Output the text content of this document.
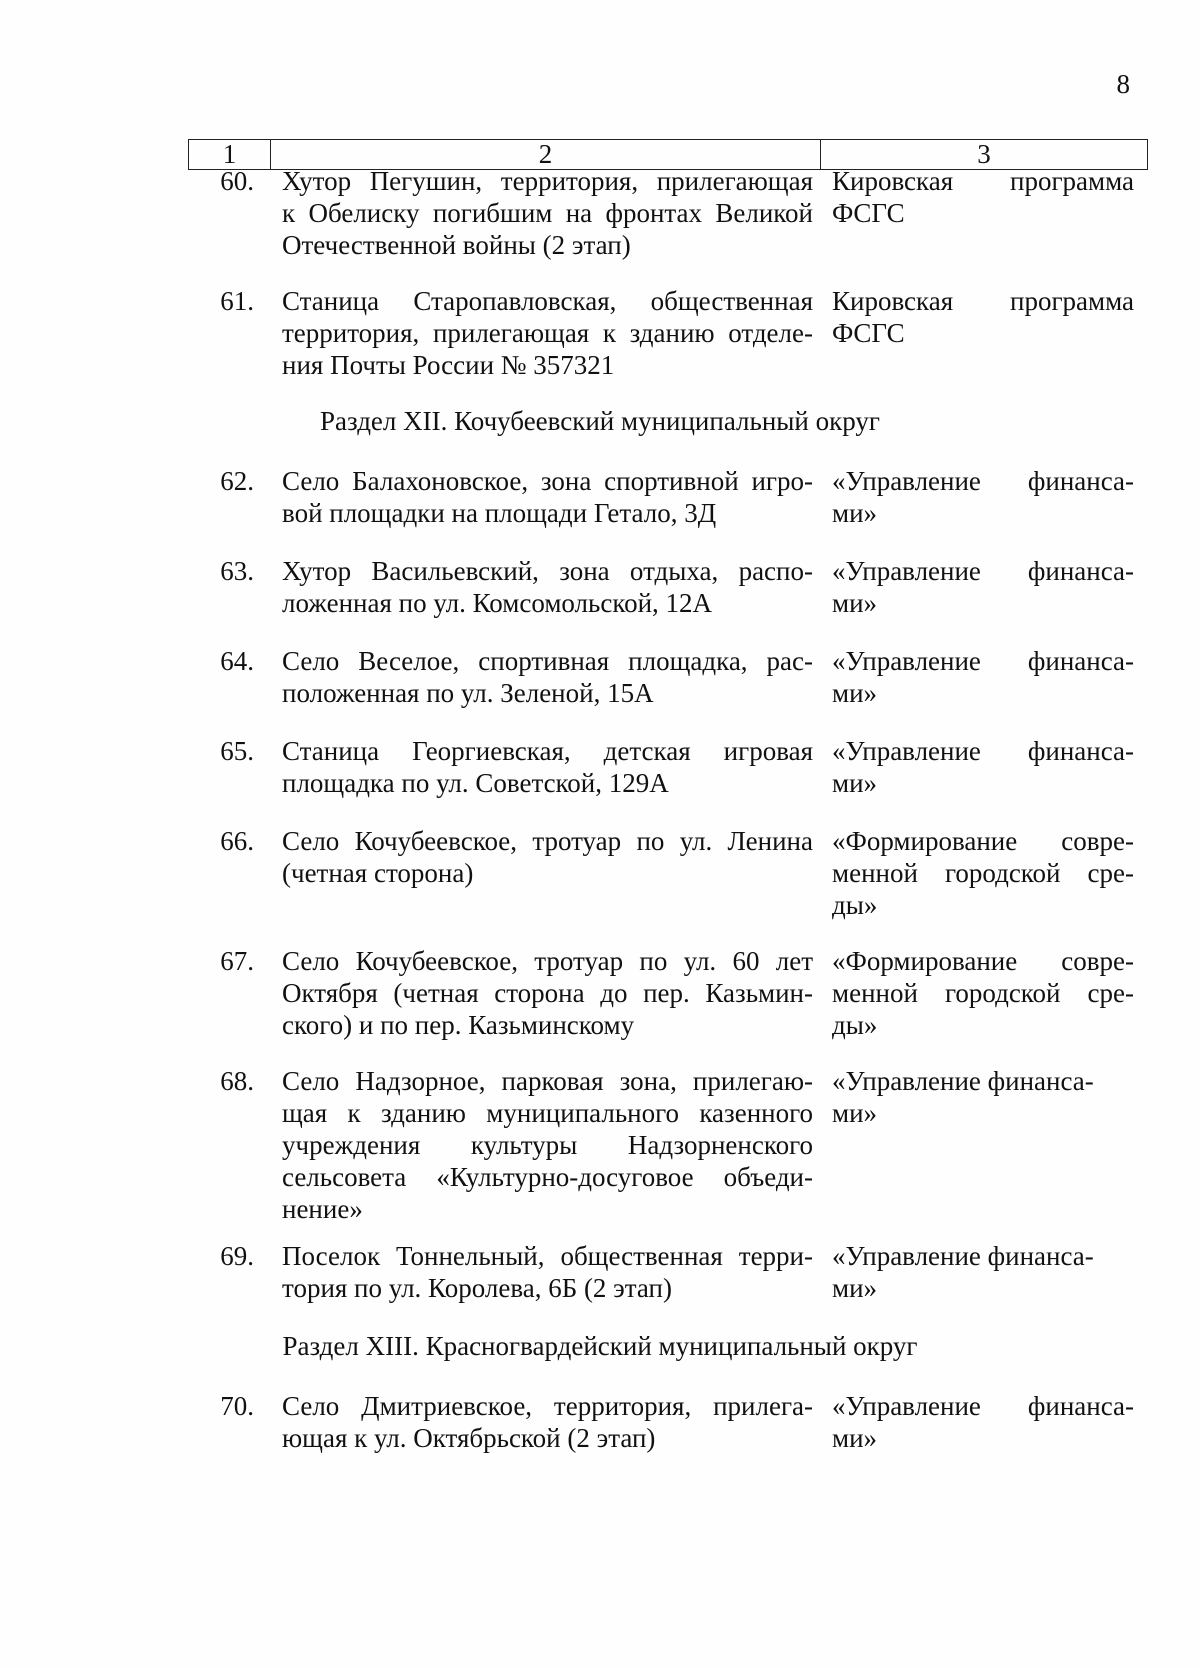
8
1	2	3
60. Хутор Пегушин, территория, прилегающая
к Обелиску погибшим на фронтах Великой
Отечественной войны (2 этап)
Кировская программа
ФСГС
61. Станица Старопавловская, общественная
территория, прилегающая к зданию отделе-
ния Почты России № 357321
Кировская программа
ФСГС
Раздел XII. Кочубеевский муниципальный округ
62. Село Балахоновское, зона спортивной игро-
вой площадки на площади Гетало, 3Д
«Управление финанса-
ми»
63. Хутор Васильевский, зона отдыха, распо-
ложенная по ул. Комсомольской, 12А
«Управление финанса-
ми»
64. Село Веселое, спортивная площадка, рас-
положенная по ул. Зеленой, 15А
«Управление финанса-
ми»
65. Станица Георгиевская, детская игровая
площадка по ул. Советской, 129А
«Управление финанса-
ми»
66. Село Кочубеевское, тротуар по ул. Ленина
(четная сторона)
«Формирование совре-
менной городской сре-
ды»
67. Село Кочубеевское, тротуар по ул. 60 лет
Октября (четная сторона до пер. Казьмин-
ского) и по пер. Казьминскому
«Формирование совре-
менной городской сре-
ды»
68. Село Надзорное, парковая зона, прилегаю-
щая к зданию муниципального казенного
учреждения культуры Надзорненского
сельсовета «Культурно-досуговое объеди-
нение»
«Управление финанса-
ми»
69. Поселок Тоннельный, общественная терри-
тория по ул. Королева, 6Б (2 этап)
«Управление финанса-
ми»
Раздел XIII. Красногвардейский муниципальный округ
70. Село Дмитриевское, территория, прилега-
ющая к ул. Октябрьской (2 этап)
«Управление финанса-
ми»
